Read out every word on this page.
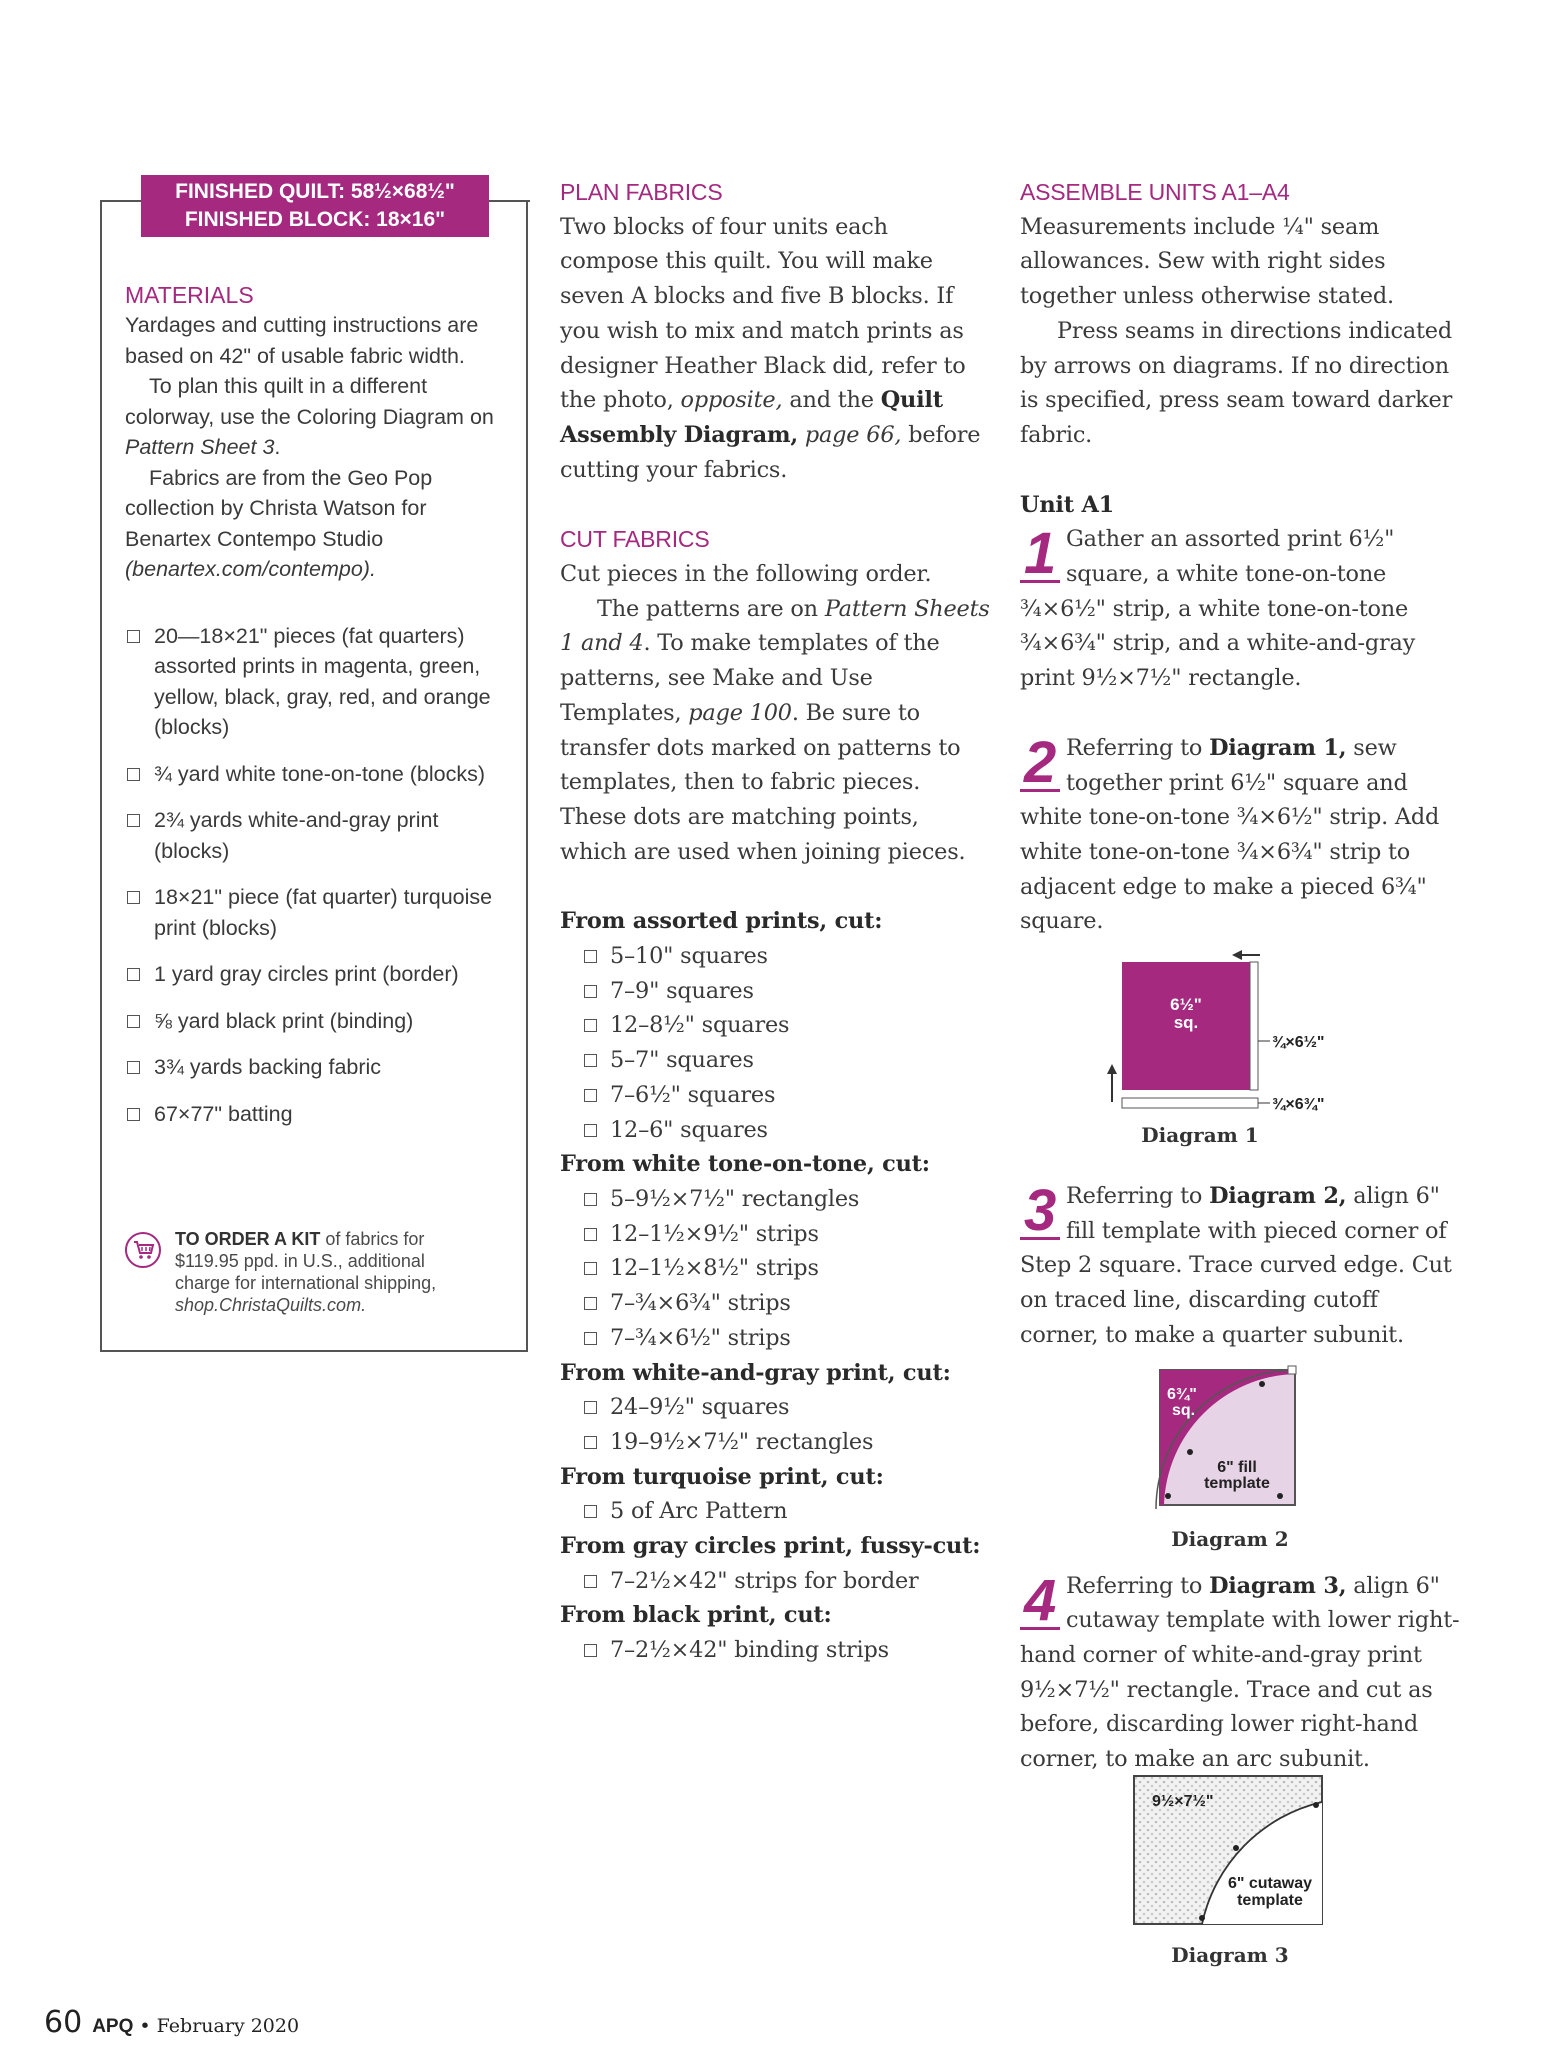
FINISHED QUILT: 58½×68½"
FINISHED BLOCK: 18×16"
MATERIALS

Yardages and cutting instructions are based on 42" of usable fabric width.

To plan this quilt in a different colorway, use the Coloring Diagram on Pattern Sheet 3.

Fabrics are from the Geo Pop collection by Christa Watson for Benartex Contempo Studio (benartex.com/contempo).

20—18×21" pieces (fat quarters) assorted prints in magenta, green, yellow, black, gray, red, and orange (blocks)
¾ yard white tone-on-tone (blocks)
2¾ yards white-and-gray print (blocks)
18×21" piece (fat quarter) turquoise print (blocks)
1 yard gray circles print (border)
⅝ yard black print (binding)
3¾ yards backing fabric
67×77" batting
TO ORDER A KIT of fabrics for $119.95 ppd. in U.S., additional charge for international shipping, shop.ChristaQuilts.com.
PLAN FABRICS

Two blocks of four units each compose this quilt. You will make seven A blocks and five B blocks. If you wish to mix and match prints as designer Heather Black did, refer to the photo, opposite, and the Quilt Assembly Diagram, page 66, before cutting your fabrics.

CUT FABRICS

Cut pieces in the following order.

The patterns are on Pattern Sheets 1 and 4. To make templates of the patterns, see Make and Use Templates, page 100. Be sure to transfer dots marked on patterns to templates, then to fabric pieces. These dots are matching points, which are used when joining pieces.

From assorted prints, cut:

5–10" squares
7–9" squares
12–8½" squares
5–7" squares
7–6½" squares
12–6" squares

From white tone-on-tone, cut:

5–9½×7½" rectangles
12–1½×9½" strips
12–1½×8½" strips
7–¾×6¾" strips
7–¾×6½" strips

From white-and-gray print, cut:

24–9½" squares
19–9½×7½" rectangles

From turquoise print, cut:

5 of Arc Pattern

From gray circles print, fussy-cut:

7–2½×42" strips for border

From black print, cut:

7–2½×42" binding strips
ASSEMBLE UNITS A1–A4

Measurements include ¼" seam allowances. Sew with right sides together unless otherwise stated.

Press seams in directions indicated by arrows on diagrams. If no direction is specified, press seam toward darker fabric.

Unit A1

1 Gather an assorted print 6½" square, a white tone-on-tone ¾×6½" strip, a white tone-on-tone ¾×6¾" strip, and a white-and-gray print 9½×7½" rectangle.

2 Referring to Diagram 1, sew together print 6½" square and white tone-on-tone ¾×6½" strip. Add white tone-on-tone ¾×6¾" strip to adjacent edge to make a pieced 6¾" square.

3 Referring to Diagram 2, align 6" fill template with pieced corner of Step 2 square. Trace curved edge. Cut on traced line, discarding cutoff corner, to make a quarter subunit.

4 Referring to Diagram 3, align 6" cutaway template with lower right-hand corner of white-and-gray print 9½×7½" rectangle. Trace and cut as before, discarding lower right-hand corner, to make an arc subunit.

6½"
sq.
¾×6½"
¾×6¾"
Diagram 1
6¾"
sq.
6" fill
template
Diagram 2
9½×7½"
6" cutaway
template
Diagram 3
60 APQ • February 2020
